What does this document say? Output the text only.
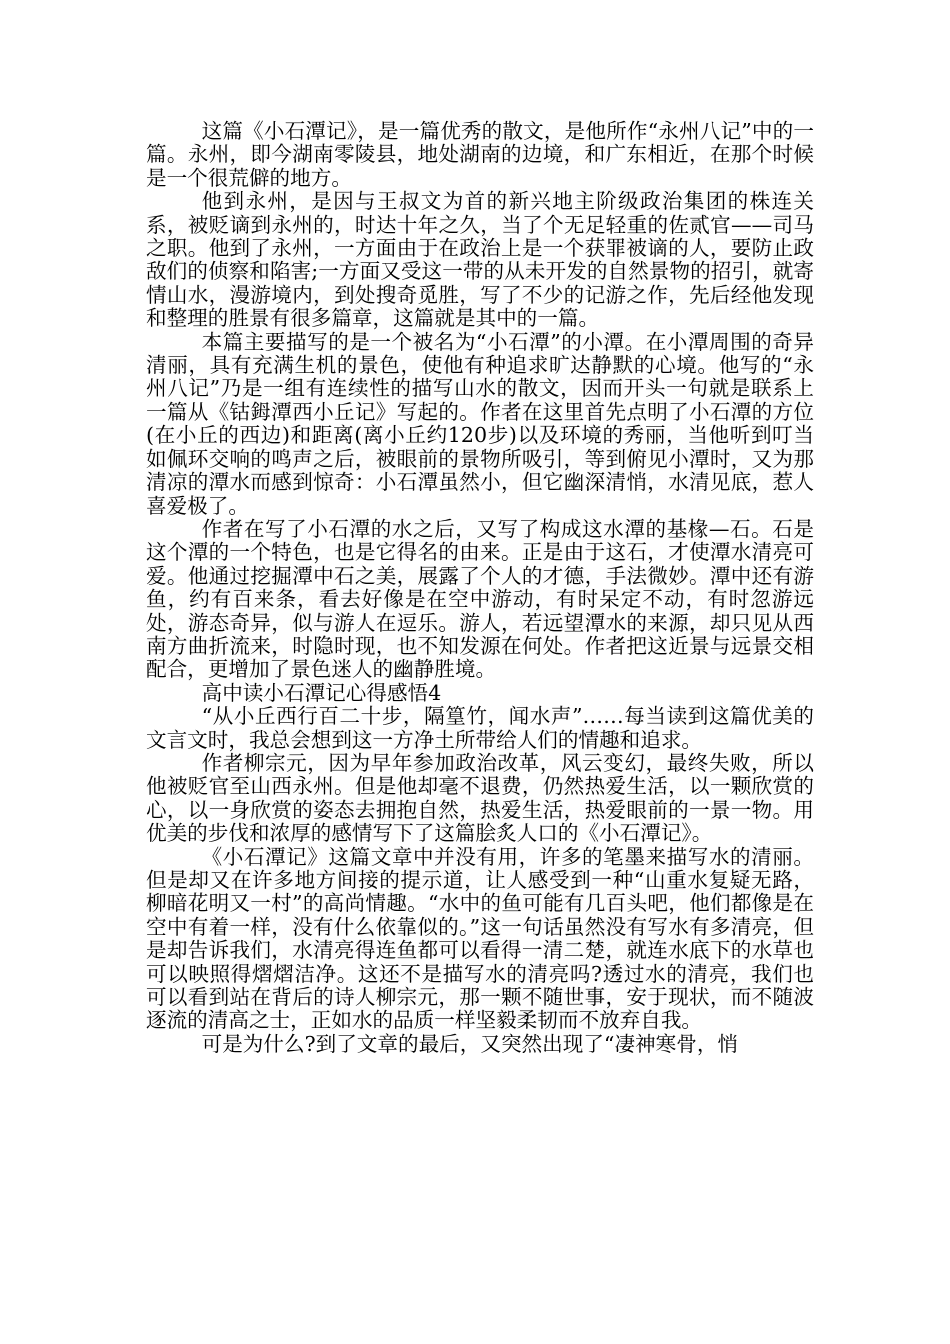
这篇《小石潭记》，是一篇优秀的散文，是他所作“永州八记”中的一篇。永州，即今湖南零陵县，地处湖南的边境，和广东相近，在那个时候是一个很荒僻的地方。

他到永州，是因与王叔文为首的新兴地主阶级政治集团的株连关系，被贬谪到永州的，时达十年之久，当了个无足轻重的佐贰官——司马之职。他到了永州，一方面由于在政治上是一个获罪被谪的人，要防止政敌们的侦察和陷害;一方面又受这一带的从未开发的自然景物的招引，就寄情山水，漫游境内，到处搜奇觅胜，写了不少的记游之作，先后经他发现和整理的胜景有很多篇章，这篇就是其中的一篇。

本篇主要描写的是一个被名为“小石潭”的小潭。在小潭周围的奇异清丽，具有充满生机的景色，使他有种追求旷达静默的心境。他写的“永州八记”乃是一组有连续性的描写山水的散文，因而开头一句就是联系上一篇从《钴鉧潭西小丘记》写起的。作者在这里首先点明了小石潭的方位(在小丘的西边)和距离(离小丘约120步)以及环境的秀丽，当他听到叮当如佩环交响的鸣声之后，被眼前的景物所吸引，等到俯见小潭时，又为那清凉的潭水而感到惊奇：小石潭虽然小，但它幽深清悄，水清见底，惹人喜爱极了。

作者在写了小石潭的水之后，又写了构成这水潭的基椽—石。石是这个潭的一个特色，也是它得名的由来。正是由于这石，才使潭水清亮可爱。他通过挖掘潭中石之美，展露了个人的才德，手法微妙。潭中还有游鱼，约有百来条，看去好像是在空中游动，有时呆定不动，有时忽游远处，游态奇异，似与游人在逗乐。游人，若远望潭水的来源，却只见从西南方曲折流来，时隐时现，也不知发源在何处。作者把这近景与远景交相配合，更增加了景色迷人的幽静胜境。

高中读小石潭记心得感悟4

“从小丘西行百二十步，隔篁竹，闻水声”……每当读到这篇优美的文言文时，我总会想到这一方净土所带给人们的情趣和追求。

作者柳宗元，因为早年参加政治改革，风云变幻，最终失败，所以他被贬官至山西永州。但是他却毫不退费，仍然热爱生活，以一颗欣赏的心，以一身欣赏的姿态去拥抱自然，热爱生活，热爱眼前的一景一物。用优美的步伐和浓厚的感情写下了这篇脍炙人口的《小石潭记》。

《小石潭记》这篇文章中并没有用，许多的笔墨来描写水的清丽。但是却又在许多地方间接的提示道，让人感受到一种“山重水复疑无路，柳暗花明又一村”的高尚情趣。“水中的鱼可能有几百头吧，他们都像是在空中有着一样，没有什么依靠似的。”这一句话虽然没有写水有多清亮，但是却告诉我们，水清亮得连鱼都可以看得一清二楚，就连水底下的水草也可以映照得熠熠洁净。这还不是描写水的清亮吗?透过水的清亮，我们也可以看到站在背后的诗人柳宗元，那一颗不随世事，安于现状，而不随波逐流的清高之士，正如水的品质一样坚毅柔韧而不放弃自我。

可是为什么?到了文章的最后，又突然出现了“凄神寒骨，悄
